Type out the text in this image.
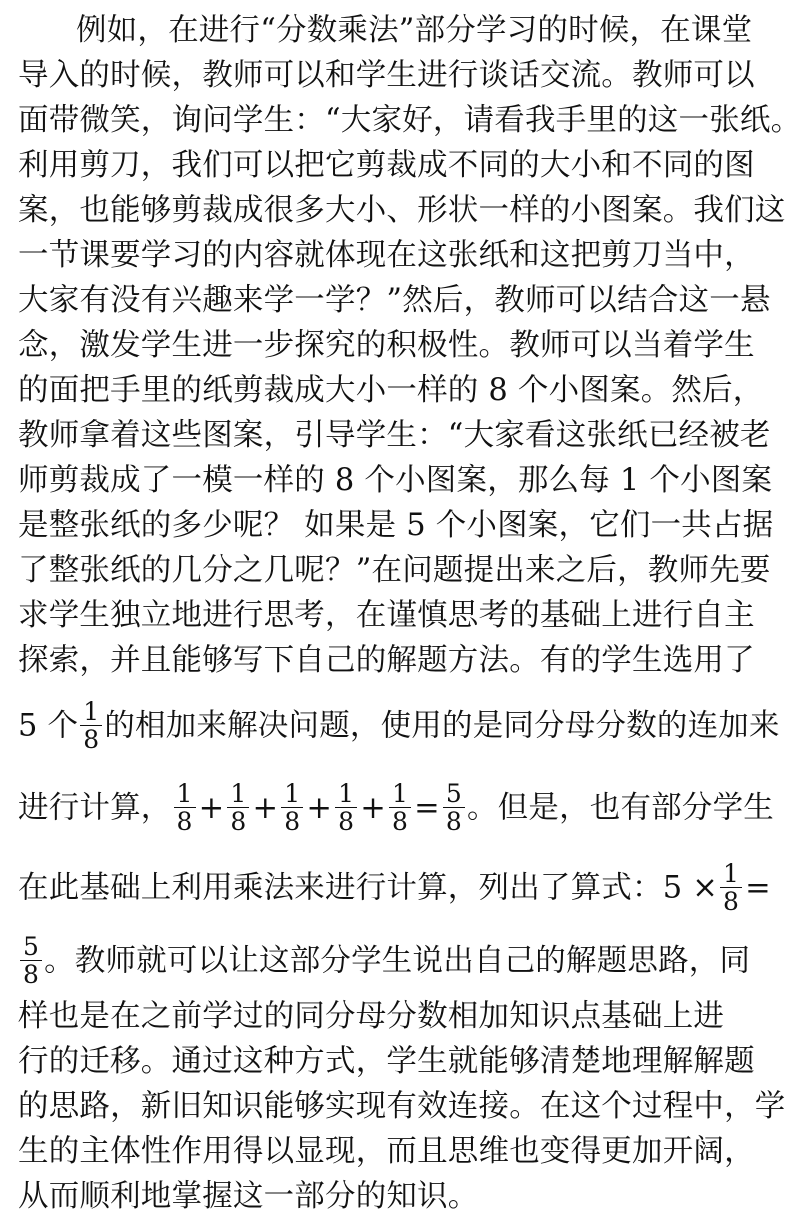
例如，在进行“分数乘法”部分学习的时候，在课堂
导入的时候，教师可以和学生进行谈话交流。教师可以
面带微笑，询问学生：“大家好，请看我手里的这一张纸。
利用剪刀，我们可以把它剪裁成不同的大小和不同的图
案，也能够剪裁成很多大小、形状一样的小图案。我们这
一节课要学习的内容就体现在这张纸和这把剪刀当中，
大家有没有兴趣来学一学？”然后，教师可以结合这一悬
念，激发学生进一步探究的积极性。教师可以当着学生
的面把手里的纸剪裁成大小一样的 8 个小图案。然后，
教师拿着这些图案，引导学生：“大家看这张纸已经被老
师剪裁成了一模一样的 8 个小图案，那么每 1 个小图案
是整张纸的多少呢？ 如果是 5 个小图案，它们一共占据
了整张纸的几分之几呢？”在问题提出来之后，教师先要
求学生独立地进行思考，在谨慎思考的基础上进行自主
探索，并且能够写下自己的解题方法。有的学生选用了
5 个 $\frac{1}{8}$ 的相加来解决问题，使用的是同分母分数的连加来
进行计算， $\frac{1}{8} + \frac{1}{8} + \frac{1}{8} + \frac{1}{8} + \frac{1}{8} = \frac{5}{8}$ 。但是，也有部分学生
在此基础上利用乘法来进行计算，列出了算式：$5 \times \frac{1}{8}$ =
$\frac{5}{8}$ 。教师就可以让这部分学生说出自己的解题思路，同
样也是在之前学过的同分母分数相加知识点基础上进
行的迁移。通过这种方式，学生就能够清楚地理解解题
的思路，新旧知识能够实现有效连接。在这个过程中，学
生的主体性作用得以显现，而且思维也变得更加开阔，
从而顺利地掌握这一部分的知识。
